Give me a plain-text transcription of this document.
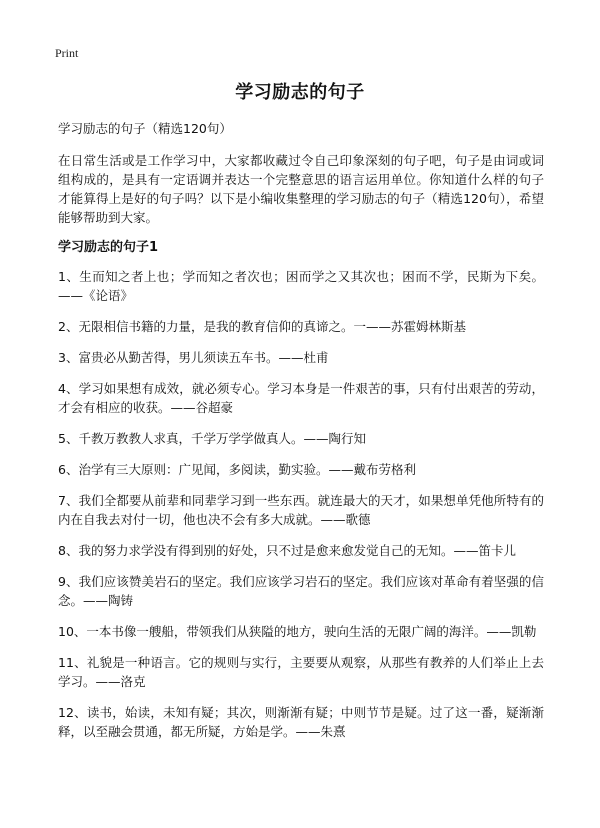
Print
学习励志的句子

学习励志的句子（精选120句）

在日常生活或是工作学习中，大家都收藏过令自己印象深刻的句子吧，句子是由词或词组构成的，是具有一定语调并表达一个完整意思的语言运用单位。你知道什么样的句子才能算得上是好的句子吗？以下是小编收集整理的学习励志的句子（精选120句），希望能够帮助到大家。

学习励志的句子1

1、生而知之者上也；学而知之者次也；困而学之又其次也；困而不学，民斯为下矣。——《论语》

2、无限相信书籍的力量，是我的教育信仰的真谛之。一——苏霍姆林斯基

3、富贵必从勤苦得，男儿须读五车书。——杜甫

4、学习如果想有成效，就必须专心。学习本身是一件艰苦的事，只有付出艰苦的劳动，才会有相应的收获。——谷超豪

5、千教万教教人求真，千学万学学做真人。——陶行知

6、治学有三大原则：广见闻，多阅读，勤实验。——戴布劳格利

7、我们全都要从前辈和同辈学习到一些东西。就连最大的天才，如果想单凭他所特有的内在自我去对付一切，他也决不会有多大成就。——歌德

8、我的努力求学没有得到别的好处，只不过是愈来愈发觉自己的无知。——笛卡儿

9、我们应该赞美岩石的坚定。我们应该学习岩石的坚定。我们应该对革命有着坚强的信念。——陶铸

10、一本书像一艘船，带领我们从狭隘的地方，驶向生活的无限广阔的海洋。——凯勒

11、礼貌是一种语言。它的规则与实行，主要要从观察，从那些有教养的人们举止上去学习。——洛克

12、读书，始读，未知有疑；其次，则渐渐有疑；中则节节是疑。过了这一番，疑渐渐释，以至融会贯通，都无所疑，方始是学。——朱熹
